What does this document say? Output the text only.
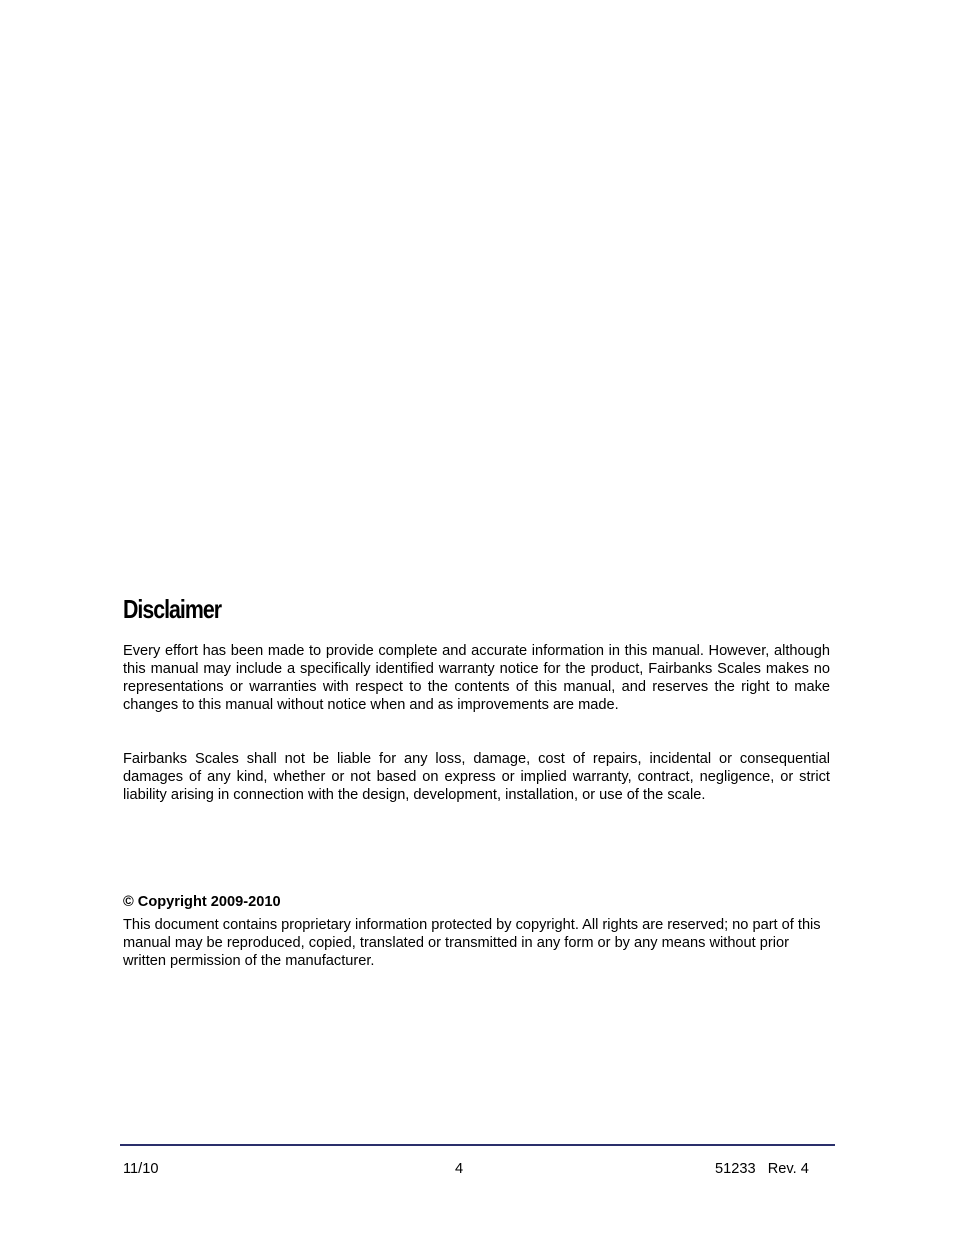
Disclaimer

Every effort has been made to provide complete and accurate information in this manual. However, although this manual may include a specifically identified warranty notice for the product, Fairbanks Scales makes no representations or warranties with respect to the contents of this manual, and reserves the right to make changes to this manual without notice when and as improvements are made.

Fairbanks Scales shall not be liable for any loss, damage, cost of repairs, incidental or consequential damages of any kind, whether or not based on express or implied warranty, contract, negligence, or strict liability arising in connection with the design, development, installation, or use of the scale.

© Copyright 2009-2010

This document contains proprietary information protected by copyright. All rights are reserved; no part of this manual may be reproduced, copied, translated or transmitted in any form or by any means without prior written permission of the manufacturer.

11/10	4	51233   Rev. 4
